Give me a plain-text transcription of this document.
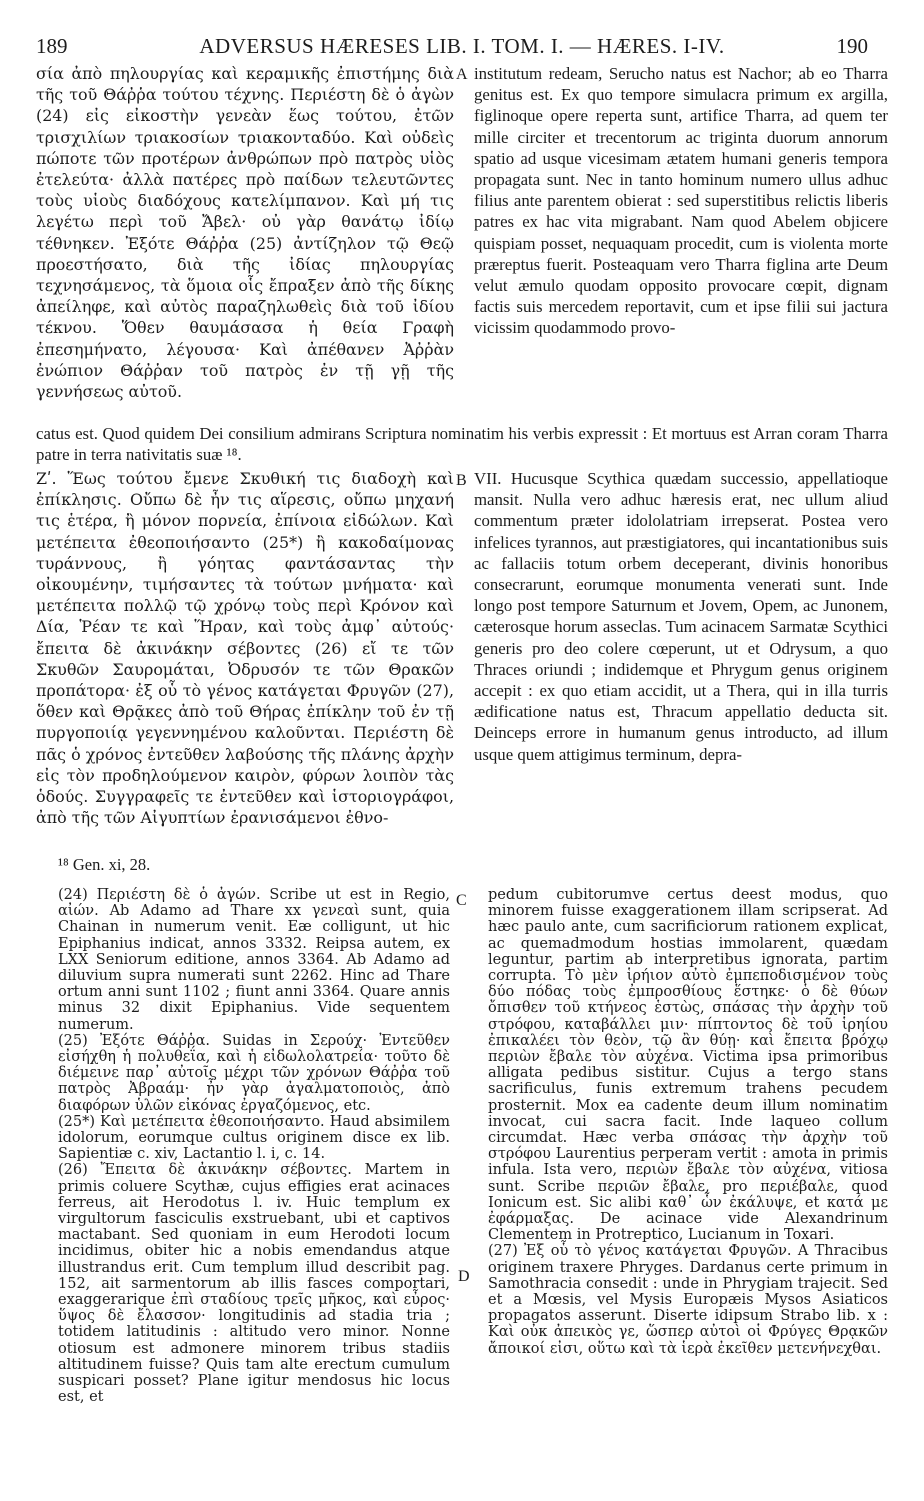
189	ADVERSUS HÆRESES LIB. I. TOM. I. — HÆRES. I-IV.	190

σία ἀπὸ πηλουργίας καὶ κεραμικῆς ἐπιστήμης διὰ τῆς τοῦ Θάῤῥα τούτου τέχνης. Περιέστη δὲ ὁ ἀγὼν (24) εἰς εἰκοστὴν γενεὰν ἕως τούτου, ἐτῶν τρισχιλίων τριακοσίων τριακονταδύο. Καὶ οὐδεὶς πώποτε τῶν προτέρων ἀνθρώπων πρὸ πατρὸς υἱὸς ἐτελεύτα· ἀλλὰ πατέρες πρὸ παίδων τελευτῶντες τοὺς υἱοὺς διαδόχους κατελίμπανον. Καὶ μή τις λεγέτω περὶ τοῦ Ἄβελ· οὐ γὰρ θανάτῳ ἰδίῳ τέθνηκεν. Ἐξότε Θάῤῥα (25) ἀντίζηλον τῷ Θεῷ προεστήσατο, διὰ τῆς ἰδίας πηλουργίας τεχνησάμενος, τὰ ὅμοια οἷς ἔπραξεν ἀπὸ τῆς δίκης ἀπείληφε, καὶ αὐτὸς παραζηλωθεὶς διὰ τοῦ ἰδίου τέκνου. Ὅθεν θαυμάσασα ἡ θεία Γραφὴ ἐπεσημήνατο, λέγουσα· Καὶ ἀπέθανεν Ἀῤῥὰν ἐνώπιον Θάῤῥαν τοῦ πατρὸς ἐν τῇ γῇ τῆς γεννήσεως αὐτοῦ.

A institutum redeam, Serucho natus est Nachor; ab eo Tharra genitus est. Ex quo tempore simulacra primum ex argilla, figlinoque opere reperta sunt, artifice Tharra, ad quem ter mille circiter et trecentorum ac triginta duorum annorum spatio ad usque vicesimam ætatem humani generis tempora propagata sunt. Nec in tanto hominum numero ullus adhuc filius ante parentem obierat : sed superstitibus relictis liberis patres ex hac vita migrabant. Nam quod Abelem objicere quispiam posset, nequaquam procedit, cum is violenta morte præreptus fuerit. Posteaquam vero Tharra figlina arte Deum velut æmulo quodam opposito provocare cœpit, dignam factis suis mercedem reportavit, cum et ipse filii sui jactura vicissim quodammodo provo-

catus est. Quod quidem Dei consilium admirans Scriptura nominatim his verbis expressit : Et mortuus est Arran coram Tharra patre in terra nativitatis suæ ¹⁸.

Ζʹ. Ἕως τούτου ἔμενε Σκυθική τις διαδοχὴ καὶ ἐπίκλησις. Οὔπω δὲ ἦν τις αἵρεσις, οὔπω μηχανή τις ἑτέρα, ἢ μόνον πορνεία, ἐπίνοια εἰδώλων. Καὶ μετέπειτα ἐθεοποιήσαντο (25*) ἢ κακοδαίμονας τυράννους, ἢ γόητας φαντάσαντας τὴν οἰκουμένην, τιμήσαντες τὰ τούτων μνήματα· καὶ μετέπειτα πολλῷ τῷ χρόνῳ τοὺς περὶ Κρόνον καὶ Δία, Ῥέαν τε καὶ Ἥραν, καὶ τοὺς ἀμφ᾽ αὐτούς· ἔπειτα δὲ ἀκινάκην σέβοντες (26) εἴ τε τῶν Σκυθῶν Σαυρομάται, Ὀδρυσόν τε τῶν Θρακῶν προπάτορα· ἐξ οὗ τὸ γένος κατάγεται Φρυγῶν (27), ὅθεν καὶ Θρᾷκες ἀπὸ τοῦ Θήρας ἐπίκλην τοῦ ἐν τῇ πυργοποιίᾳ γεγεννημένου καλοῦνται. Περιέστη δὲ πᾶς ὁ χρόνος ἐντεῦθεν λαβούσης τῆς πλάνης ἀρχὴν εἰς τὸν προδηλούμενον καιρὸν, φύρων λοιπὸν τὰς ὁδούς. Συγγραφεῖς τε ἐντεῦθεν καὶ ἱστοριογράφοι, ἀπὸ τῆς τῶν Αἰγυπτίων ἐρανισάμενοι ἐθνο-

B VII. Hucusque Scythica quædam successio, appellatioque mansit. Nulla vero adhuc hæresis erat, nec ullum aliud commentum præter idololatriam irrepserat. Postea vero infelices tyrannos, aut præstigiatores, qui incantationibus suis ac fallaciis totum orbem deceperant, divinis honoribus consecrarunt, eorumque monumenta venerati sunt. Inde longo post tempore Saturnum et Jovem, Opem, ac Junonem, cæterosque horum asseclas. Tum acinacem Sarmatæ Scythici generis pro deo colere cœperunt, ut et Odrysum, a quo Thraces oriundi ; indidemque et Phrygum genus originem accepit : ex quo etiam accidit, ut a Thera, qui in illa turris ædificatione natus est, Thracum appellatio deducta sit. Deinceps errore in humanum genus introducto, ad illum usque quem attigimus terminum, depra-

¹⁸ Gen. xi, 28.

C
D

(24) Περιέστη δὲ ὁ ἀγών. Scribe ut est in Regio, αἰών. Ab Adamo ad Thare xx γενεαὶ sunt, quia Chainan in numerum venit. Eæ colligunt, ut hic Epiphanius indicat, annos 3332. Reipsa autem, ex LXX Seniorum editione, annos 3364. Ab Adamo ad diluvium supra numerati sunt 2262. Hinc ad Thare ortum anni sunt 1102 ; fiunt anni 3364. Quare annis minus 32 dixit Epiphanius. Vide sequentem numerum.

(25) Ἐξότε Θάῤῥα. Suidas in Σερούχ· Ἐντεῦθεν εἰσήχθη ἡ πολυθεΐα, καὶ ἡ εἰδωλολατρεία· τοῦτο δὲ διέμεινε παρ᾽ αὐτοῖς μέχρι τῶν χρόνων Θάῤῥα τοῦ πατρὸς Ἀβραάμ· ἦν γὰρ ἀγαλματοποιὸς, ἀπὸ διαφόρων ὑλῶν εἰκόνας ἐργαζόμενος, etc.

(25*) Καὶ μετέπειτα ἐθεοποιήσαντο. Haud absimilem idolorum, eorumque cultus originem disce ex lib. Sapientiæ c. xiv, Lactantio l. i, c. 14.

(26) Ἔπειτα δὲ ἀκινάκην σέβοντες. Martem in primis coluere Scythæ, cujus effigies erat acinaces ferreus, ait Herodotus l. iv. Huic templum ex virgultorum fasciculis exstruebant, ubi et captivos mactabant. Sed quoniam in eum Herodoti locum incidimus, obiter hic a nobis emendandus atque illustrandus erit. Cum templum illud describit pag. 152, ait sarmentorum ab illis fasces comportari, exaggerarique ἐπὶ σταδίους τρεῖς μῆκος, καὶ εὖρος· ὕψος δὲ ἔλασσον· longitudinis ad stadia tria ; totidem latitudinis : altitudo vero minor. Nonne otiosum est admonere minorem tribus stadiis altitudinem fuisse? Quis tam alte erectum cumulum suspicari posset? Plane igitur mendosus hic locus est, et

pedum cubitorumve certus deest modus, quo minorem fuisse exaggerationem illam scripserat. Ad hæc paulo ante, cum sacrificiorum rationem explicat, ac quemadmodum hostias immolarent, quædam leguntur, partim ab interpretibus ignorata, partim corrupta. Τὸ μὲν ἱρήιον αὐτὸ ἐμπεποδισμένον τοὺς δύο πόδας τοὺς ἐμπροσθίους ἕστηκε· ὁ δὲ θύων ὄπισθεν τοῦ κτήνεος ἑστὼς, σπάσας τὴν ἀρχὴν τοῦ στρόφου, καταβάλλει μιν· πίπτοντος δὲ τοῦ ἱρηίου ἐπικαλέει τὸν θεὸν, τῷ ἂν θύῃ· καὶ ἔπειτα βρόχῳ περιὼν ἔβαλε τὸν αὐχένα. Victima ipsa primoribus alligata pedibus sistitur. Cujus a tergo stans sacrificulus, funis extremum trahens pecudem prosternit. Mox ea cadente deum illum nominatim invocat, cui sacra facit. Inde laqueo collum circumdat. Hæc verba σπάσας τὴν ἀρχὴν τοῦ στρόφου Laurentius perperam vertit : amota in primis infula. Ista vero, περιὼν ἔβαλε τὸν αὐχένα, vitiosa sunt. Scribe περιῶν ἔβαλε, pro περιέβαλε, quod Ionicum est. Sic alibi καθ᾽ ὧν ἐκάλυψε, et κατά με ἐφάρμαξας. De acinace vide Alexandrinum Clementem in Protreptico, Lucianum in Toxari.

(27) Ἐξ οὗ τὸ γένος κατάγεται Φρυγῶν. A Thracibus originem traxere Phryges. Dardanus certe primum in Samothracia consedit : unde in Phrygiam trajecit. Sed et a Mœsis, vel Mysis Europæis Mysos Asiaticos propagatos asserunt. Diserte idipsum Strabo lib. x : Καὶ οὐκ ἀπεικὸς γε, ὥσπερ αὐτοὶ οἱ Φρύγες Θρᾳκῶν ἄποικοί εἰσι, οὕτω καὶ τὰ ἱερὰ ἐκεῖθεν μετενήνεχθαι.
